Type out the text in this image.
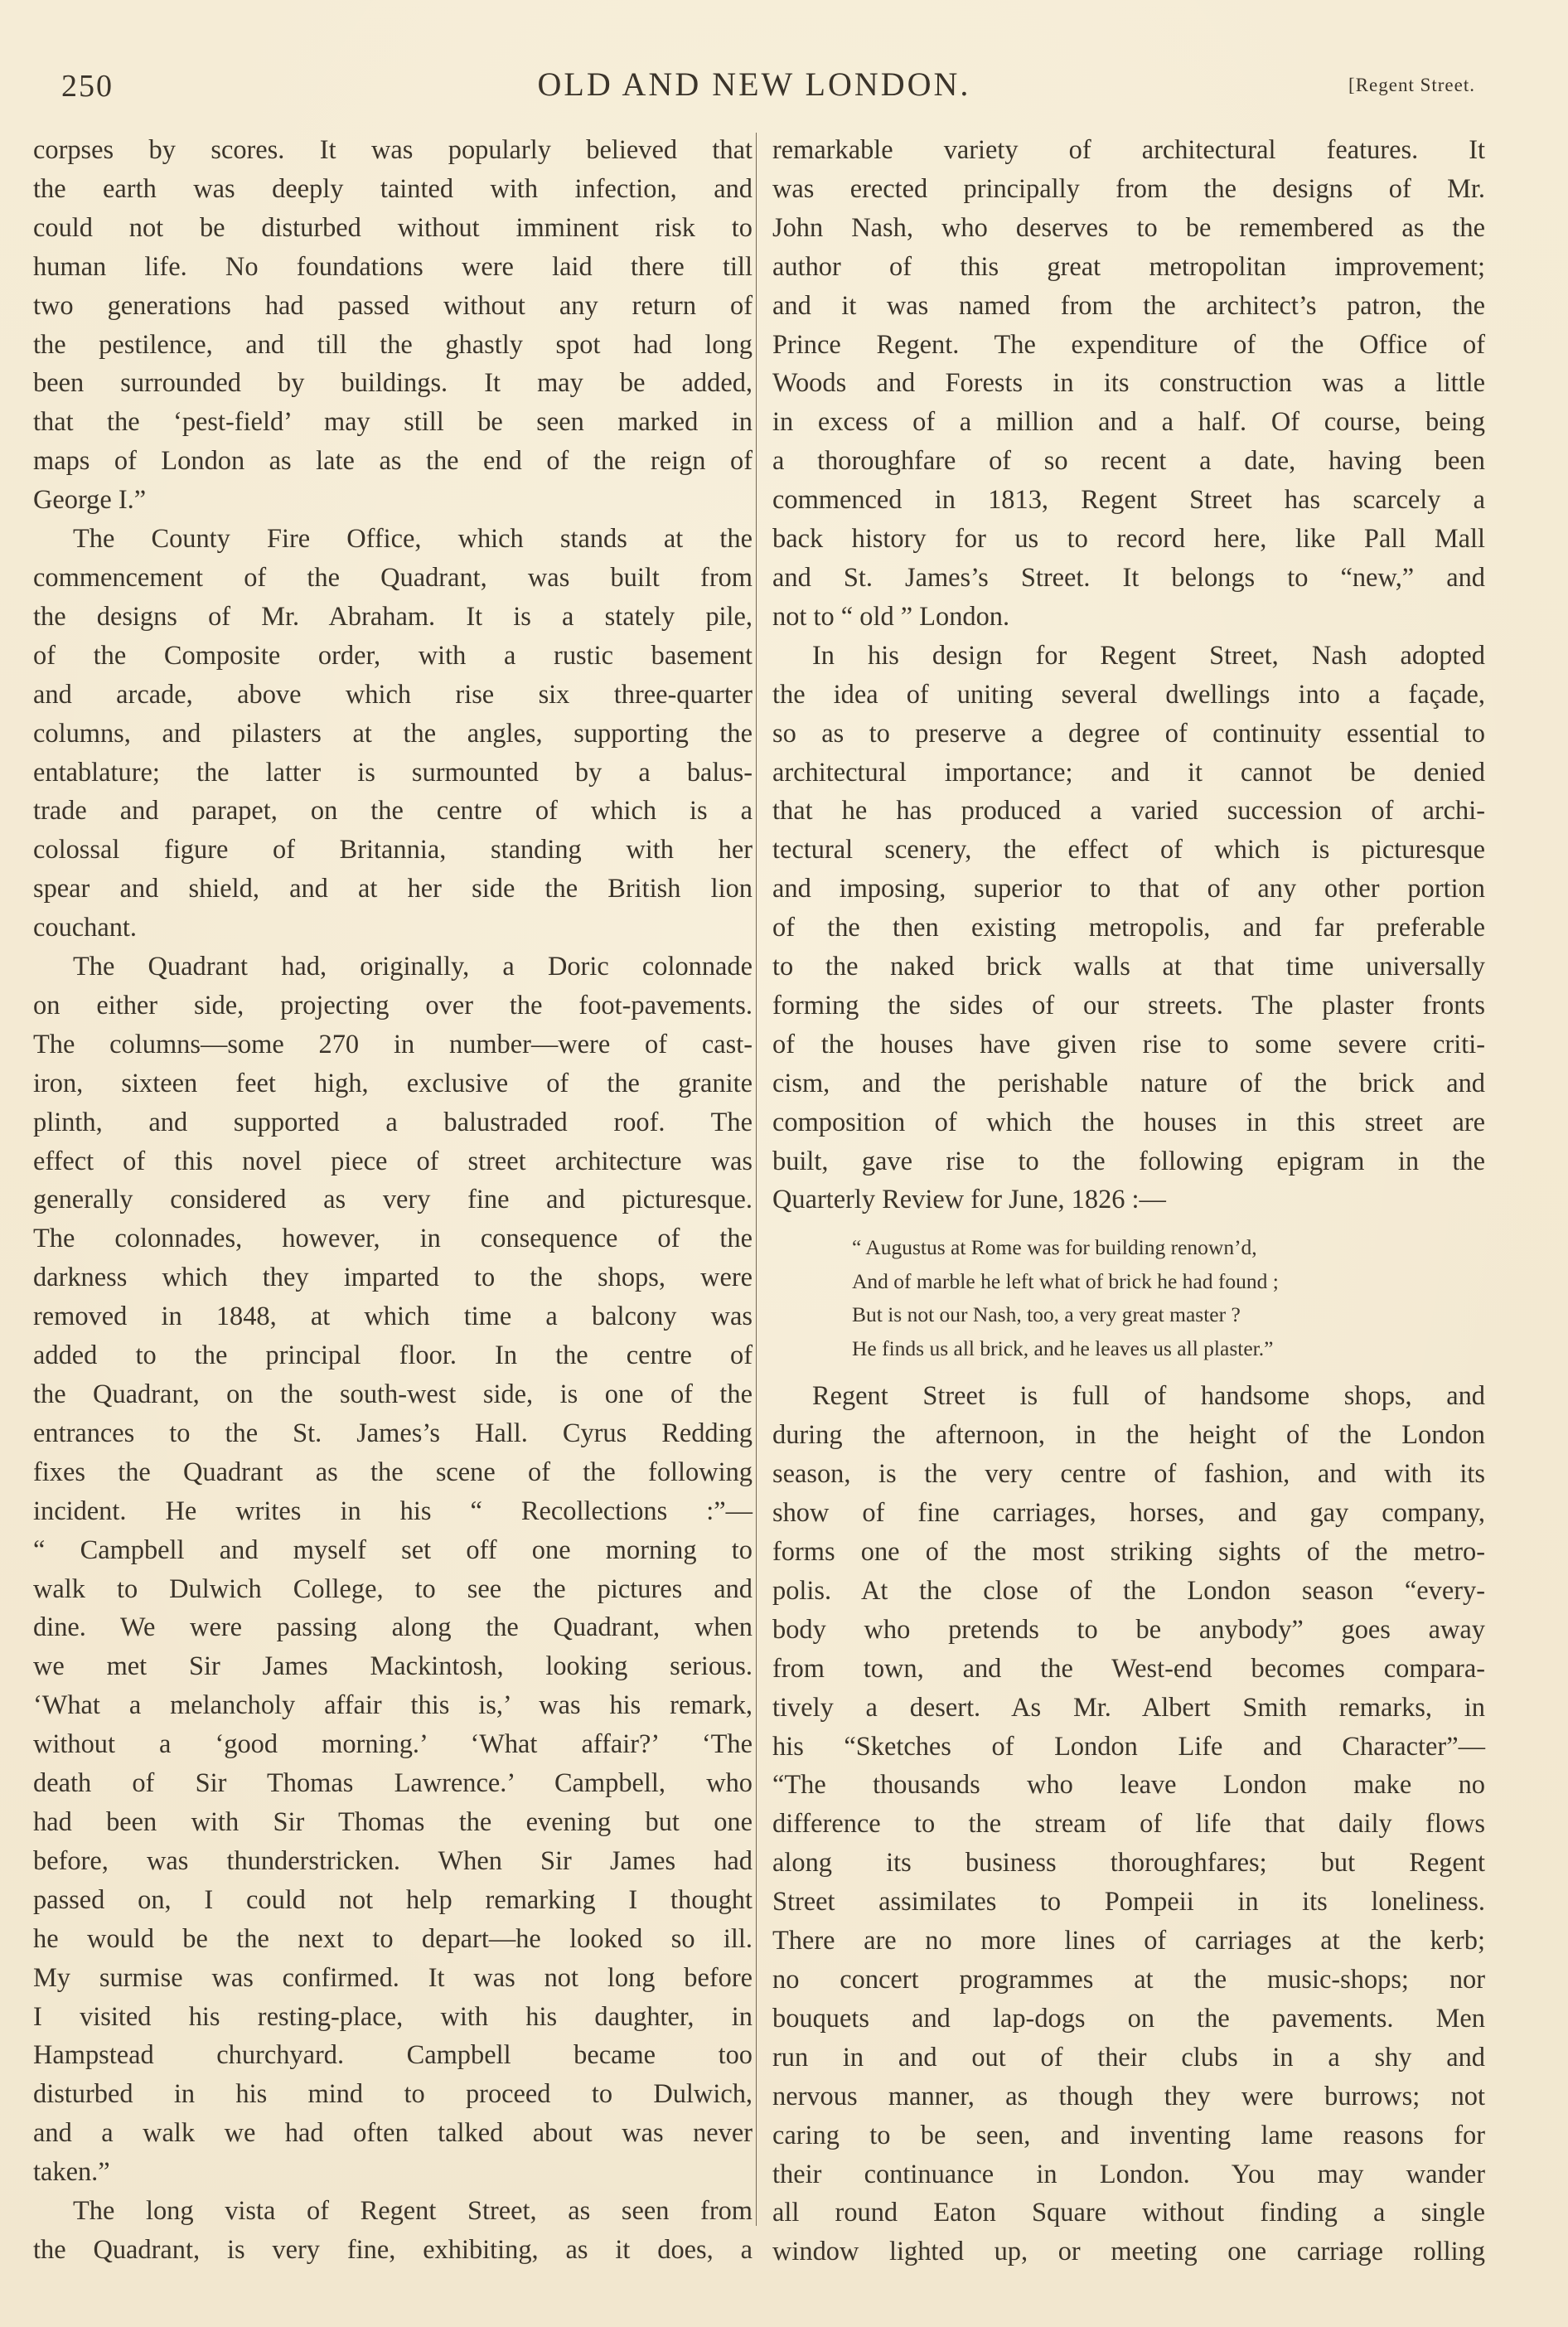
250	OLD AND NEW LONDON.	[Regent Street.

corpses by scores. It was popularly believed that

the earth was deeply tainted with infection, and

could not be disturbed without imminent risk to

human life. No foundations were laid there till

two generations had passed without any return of

the pestilence, and till the ghastly spot had long

been surrounded by buildings. It may be added,

that the ‘pest-field’ may still be seen marked in

maps of London as late as the end of the reign of

George I.”

The County Fire Office, which stands at the

commencement of the Quadrant, was built from

the designs of Mr. Abraham. It is a stately pile,

of the Composite order, with a rustic basement

and arcade, above which rise six three-quarter

columns, and pilasters at the angles, supporting the

entablature; the latter is surmounted by a balus-

trade and parapet, on the centre of which is a

colossal figure of Britannia, standing with her

spear and shield, and at her side the British lion

couchant.

The Quadrant had, originally, a Doric colonnade

on either side, projecting over the foot-pavements.

The columns—some 270 in number—were of cast-

iron, sixteen feet high, exclusive of the granite

plinth, and supported a balustraded roof. The

effect of this novel piece of street architecture was

generally considered as very fine and picturesque.

The colonnades, however, in consequence of the

darkness which they imparted to the shops, were

removed in 1848, at which time a balcony was

added to the principal floor. In the centre of

the Quadrant, on the south-west side, is one of the

entrances to the St. James’s Hall. Cyrus Redding

fixes the Quadrant as the scene of the following

incident. He writes in his “ Recollections :”—

“ Campbell and myself set off one morning to

walk to Dulwich College, to see the pictures and

dine. We were passing along the Quadrant, when

we met Sir James Mackintosh, looking serious.

‘What a melancholy affair this is,’ was his remark,

without a ‘good morning.’ ‘What affair?’ ‘The

death of Sir Thomas Lawrence.’ Campbell, who

had been with Sir Thomas the evening but one

before, was thunderstricken. When Sir James had

passed on, I could not help remarking I thought

he would be the next to depart—he looked so ill.

My surmise was confirmed. It was not long before

I visited his resting-place, with his daughter, in

Hampstead churchyard. Campbell became too

disturbed in his mind to proceed to Dulwich,

and a walk we had often talked about was never

taken.”

The long vista of Regent Street, as seen from

the Quadrant, is very fine, exhibiting, as it does, a

remarkable variety of architectural features. It

was erected principally from the designs of Mr.

John Nash, who deserves to be remembered as the

author of this great metropolitan improvement;

and it was named from the architect’s patron, the

Prince Regent. The expenditure of the Office of

Woods and Forests in its construction was a little

in excess of a million and a half. Of course, being

a thoroughfare of so recent a date, having been

commenced in 1813, Regent Street has scarcely a

back history for us to record here, like Pall Mall

and St. James’s Street. It belongs to “new,” and

not to “ old ” London.

In his design for Regent Street, Nash adopted

the idea of uniting several dwellings into a façade,

so as to preserve a degree of continuity essential to

architectural importance; and it cannot be denied

that he has produced a varied succession of archi-

tectural scenery, the effect of which is picturesque

and imposing, superior to that of any other portion

of the then existing metropolis, and far preferable

to the naked brick walls at that time universally

forming the sides of our streets. The plaster fronts

of the houses have given rise to some severe criti-

cism, and the perishable nature of the brick and

composition of which the houses in this street are

built, gave rise to the following epigram in the

Quarterly Review for June, 1826 :—

“ Augustus at Rome was for building renown’d,
And of marble he left what of brick he had found ;
But is not our Nash, too, a very great master ?
He finds us all brick, and he leaves us all plaster.”

Regent Street is full of handsome shops, and

during the afternoon, in the height of the London

season, is the very centre of fashion, and with its

show of fine carriages, horses, and gay company,

forms one of the most striking sights of the metro-

polis. At the close of the London season “every-

body who pretends to be anybody” goes away

from town, and the West-end becomes compara-

tively a desert. As Mr. Albert Smith remarks, in

his “Sketches of London Life and Character”—

“The thousands who leave London make no

difference to the stream of life that daily flows

along its business thoroughfares; but Regent

Street assimilates to Pompeii in its loneliness.

There are no more lines of carriages at the kerb;

no concert programmes at the music-shops; nor

bouquets and lap-dogs on the pavements. Men

run in and out of their clubs in a shy and

nervous manner, as though they were burrows; not

caring to be seen, and inventing lame reasons for

their continuance in London. You may wander

all round Eaton Square without finding a single

window lighted up, or meeting one carriage rolling
